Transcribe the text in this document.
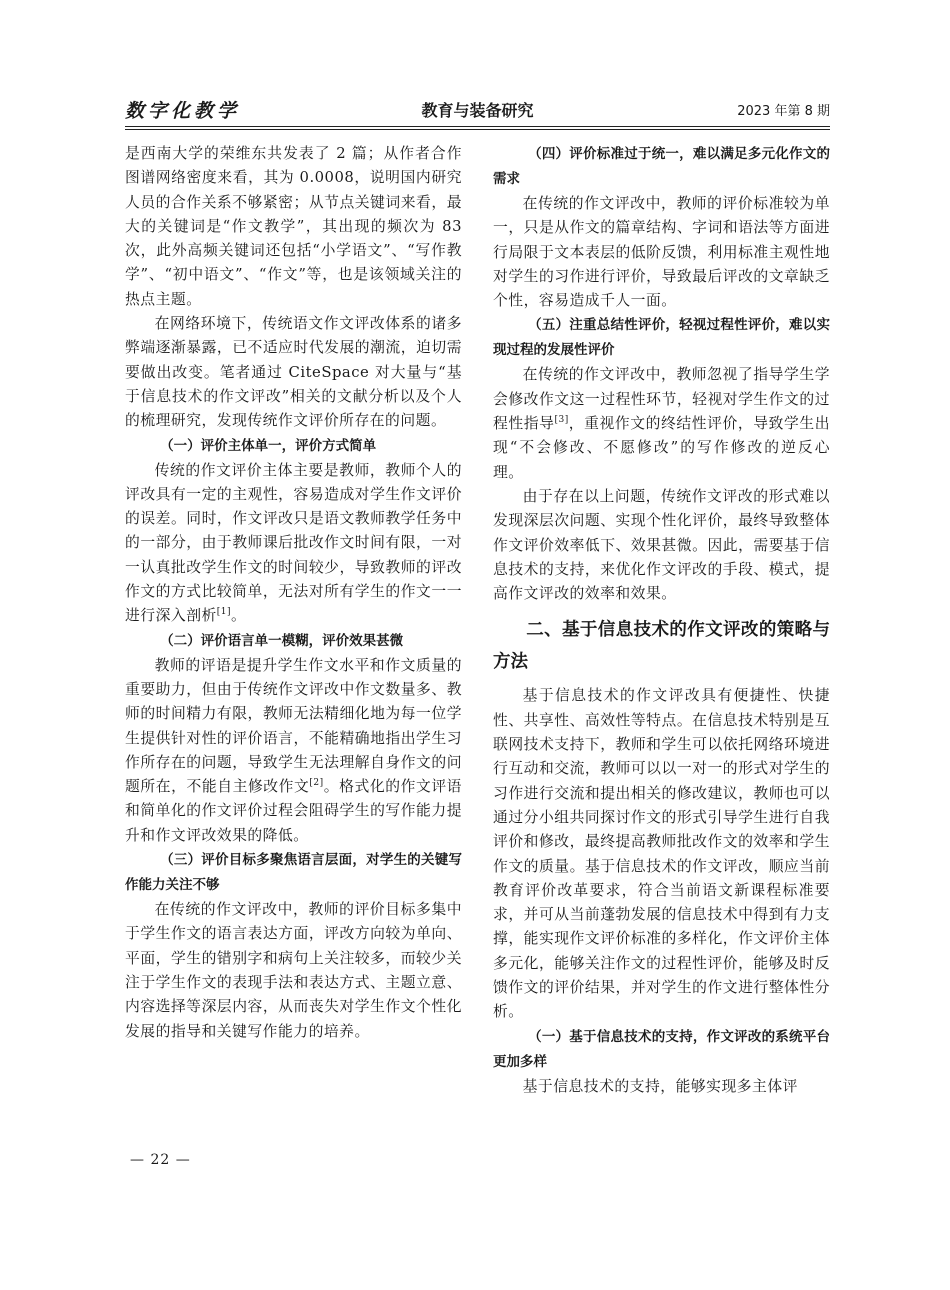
数字化教学	教育与装备研究	2023 年第 8 期

是西南大学的荣维东共发表了 2 篇；从作者合作图谱网络密度来看，其为 0.0008，说明国内研究人员的合作关系不够紧密；从节点关键词来看，最大的关键词是“作文教学”，其出现的频次为 83 次，此外高频关键词还包括“小学语文”、“写作教学”、“初中语文”、“作文”等，也是该领域关注的热点主题。

在网络环境下，传统语文作文评改体系的诸多弊端逐渐暴露，已不适应时代发展的潮流，迫切需要做出改变。笔者通过 CiteSpace 对大量与“基于信息技术的作文评改”相关的文献分析以及个人的梳理研究，发现传统作文评价所存在的问题。

（一）评价主体单一，评价方式简单

传统的作文评价主体主要是教师，教师个人的评改具有一定的主观性，容易造成对学生作文评价的误差。同时，作文评改只是语文教师教学任务中的一部分，由于教师课后批改作文时间有限，一对一认真批改学生作文的时间较少，导致教师的评改作文的方式比较简单，无法对所有学生的作文一一进行深入剖析[1]。

（二）评价语言单一模糊，评价效果甚微

教师的评语是提升学生作文水平和作文质量的重要助力，但由于传统作文评改中作文数量多、教师的时间精力有限，教师无法精细化地为每一位学生提供针对性的评价语言，不能精确地指出学生习作所存在的问题，导致学生无法理解自身作文的问题所在，不能自主修改作文[2]。格式化的作文评语和简单化的作文评价过程会阻碍学生的写作能力提升和作文评改效果的降低。

（三）评价目标多聚焦语言层面，对学生的关键写作能力关注不够

在传统的作文评改中，教师的评价目标多集中于学生作文的语言表达方面，评改方向较为单向、平面，学生的错别字和病句上关注较多，而较少关注于学生作文的表现手法和表达方式、主题立意、内容选择等深层内容，从而丧失对学生作文个性化发展的指导和关键写作能力的培养。

（四）评价标准过于统一，难以满足多元化作文的需求

在传统的作文评改中，教师的评价标准较为单一，只是从作文的篇章结构、字词和语法等方面进行局限于文本表层的低阶反馈，利用标准主观性地对学生的习作进行评价，导致最后评改的文章缺乏个性，容易造成千人一面。

（五）注重总结性评价，轻视过程性评价，难以实现过程的发展性评价

在传统的作文评改中，教师忽视了指导学生学会修改作文这一过程性环节，轻视对学生作文的过程性指导[3]，重视作文的终结性评价，导致学生出现“不会修改、不愿修改”的写作修改的逆反心理。

由于存在以上问题，传统作文评改的形式难以发现深层次问题、实现个性化评价，最终导致整体作文评价效率低下、效果甚微。因此，需要基于信息技术的支持，来优化作文评改的手段、模式，提高作文评改的效率和效果。

二、基于信息技术的作文评改的策略与方法

基于信息技术的作文评改具有便捷性、快捷性、共享性、高效性等特点。在信息技术特别是互联网技术支持下，教师和学生可以依托网络环境进行互动和交流，教师可以以一对一的形式对学生的习作进行交流和提出相关的修改建议，教师也可以通过分小组共同探讨作文的形式引导学生进行自我评价和修改，最终提高教师批改作文的效率和学生作文的质量。基于信息技术的作文评改，顺应当前教育评价改革要求，符合当前语文新课程标准要求，并可从当前蓬勃发展的信息技术中得到有力支撑，能实现作文评价标准的多样化，作文评价主体多元化，能够关注作文的过程性评价，能够及时反馈作文的评价结果，并对学生的作文进行整体性分析。

（一）基于信息技术的支持，作文评改的系统平台更加多样

基于信息技术的支持，能够实现多主体评

— 22 —
